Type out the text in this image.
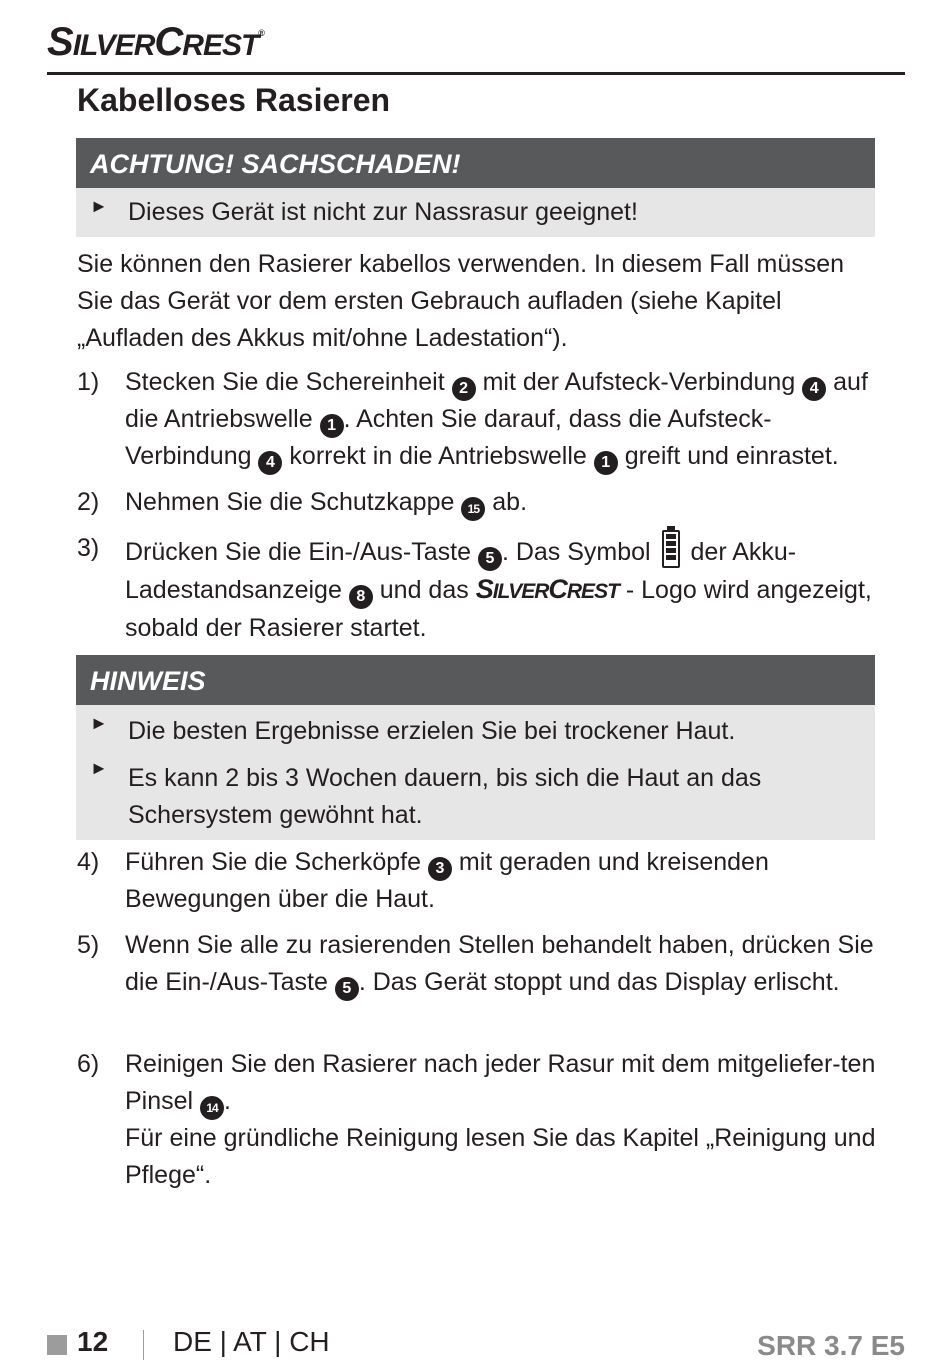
SILVERCREST®
Kabelloses Rasieren
ACHTUNG! SACHSCHADEN!
► Dieses Gerät ist nicht zur Nassrasur geeignet!

Sie können den Rasierer kabellos verwenden. In diesem Fall müssen Sie das Gerät vor dem ersten Gebrauch aufladen (siehe Kapitel „Aufladen des Akkus mit/ohne Ladestation“).

1) Stecken Sie die Schereinheit 2 mit der Aufsteck-Verbindung 4 auf die Antriebswelle 1 . Achten Sie darauf, dass die Aufsteck-Verbindung 4 korrekt in die Antriebswelle 1 greift und einrastet.
2) Nehmen Sie die Schutzkappe 15 ab.
3) Drücken Sie die Ein-/Aus-Taste 5 . Das Symbol der Akku-Ladestandsanzeige 8 und das SILVERCREST - Logo wird angezeigt, sobald der Rasierer startet.
HINWEIS
► Die besten Ergebnisse erzielen Sie bei trockener Haut.
► Es kann 2 bis 3 Wochen dauern, bis sich die Haut an das Schersystem gewöhnt hat.
4) Führen Sie die Scherköpfe 3 mit geraden und kreisenden Bewegungen über die Haut.
5) Wenn Sie alle zu rasierenden Stellen behandelt haben, drücken Sie die Ein-/Aus-Taste 5 . Das Gerät stoppt und das Display erlischt.
6) Reinigen Sie den Rasierer nach jeder Rasur mit dem mitgeliefer-ten Pinsel 14 .
Für eine gründliche Reinigung lesen Sie das Kapitel „Reinigung und Pflege“.
12 DE | AT | CH	SRR 3.7 E5
